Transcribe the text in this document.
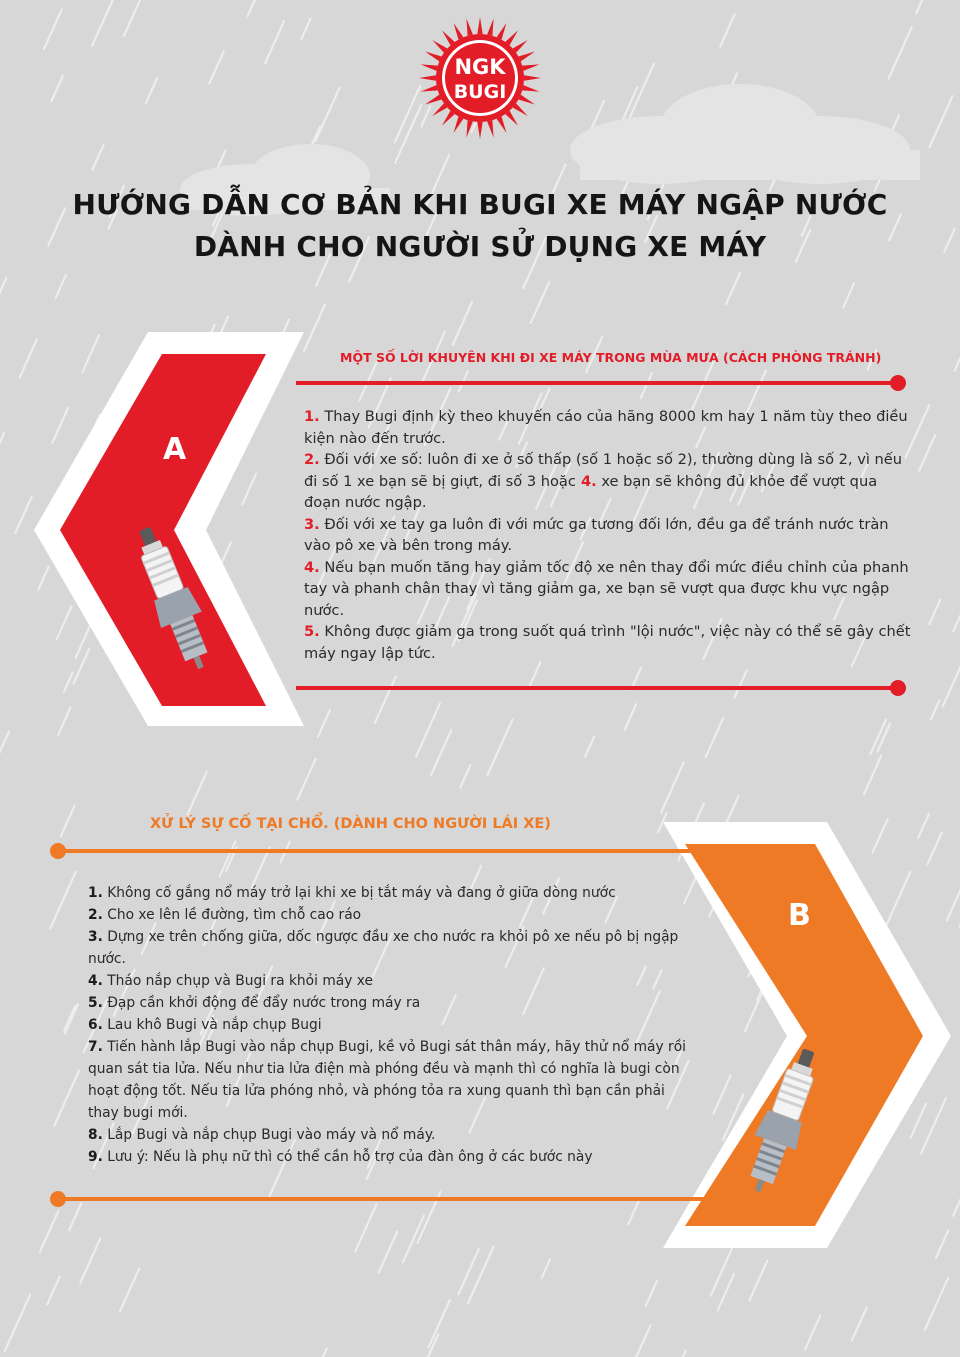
NGK
BUGI
HƯỚNG DẪN CƠ BẢN KHI BUGI XE MÁY NGẬP NƯỚC
DÀNH CHO NGƯỜI SỬ DỤNG XE MÁY
A
MỘT SỐ LỜI KHUYÊN KHI ĐI XE MÁY TRONG MÙA MƯA (CÁCH PHÒNG TRÁNH)
1. Thay Bugi định kỳ theo khuyến cáo của hãng 8000 km hay 1 năm tùy theo điều kiện nào đến trước.
2. Đối với xe số: luôn đi xe ở số thấp (số 1 hoặc số 2), thường dùng là số 2, vì nếu đi số 1 xe bạn sẽ bị giựt, đi số 3 hoặc 4. xe bạn sẽ không đủ khỏe để vượt qua đoạn nước ngập.
3. Đối với xe tay ga luôn đi với mức ga tương đối lớn, đều ga để tránh nước tràn vào pô xe và bên trong máy.
4. Nếu bạn muốn tăng hay giảm tốc độ xe nên thay đổi mức điều chỉnh của phanh tay và phanh chân thay vì tăng giảm ga, xe bạn sẽ vượt qua được khu vực ngập nước.
5. Không được giảm ga trong suốt quá trình "lội nước", việc này có thể sẽ gây chết máy ngay lập tức.
B
XỬ LÝ SỰ CỐ TẠI CHỔ. (DÀNH CHO NGƯỜI LÁI XE)
1. Không cố gắng nổ máy trở lại khi xe bị tắt máy và đang ở giữa dòng nước
2. Cho xe lên lề đường, tìm chỗ cao ráo
3. Dựng xe trên chống giữa, dốc ngược đầu xe cho nước ra khỏi pô xe nếu pô bị ngập nước.
4. Tháo nắp chụp và Bugi ra khỏi máy xe
5. Đạp cần khởi động để đẩy nước trong máy ra
6. Lau khô Bugi và nắp chụp Bugi
7. Tiến hành lắp Bugi vào nắp chụp Bugi, kề vỏ Bugi sát thân máy, hãy thử nổ máy rồi quan sát tia lửa. Nếu như tia lửa điện mà phóng đều và mạnh thì có nghĩa là bugi còn hoạt động tốt. Nếu tia lửa phóng nhỏ, và phóng tỏa ra xung quanh thì bạn cần phải thay bugi mới.
8. Lắp Bugi và nắp chụp Bugi vào máy và nổ máy.
9. Lưu ý: Nếu là phụ nữ thì có thể cần hỗ trợ của đàn ông ở các bước này
